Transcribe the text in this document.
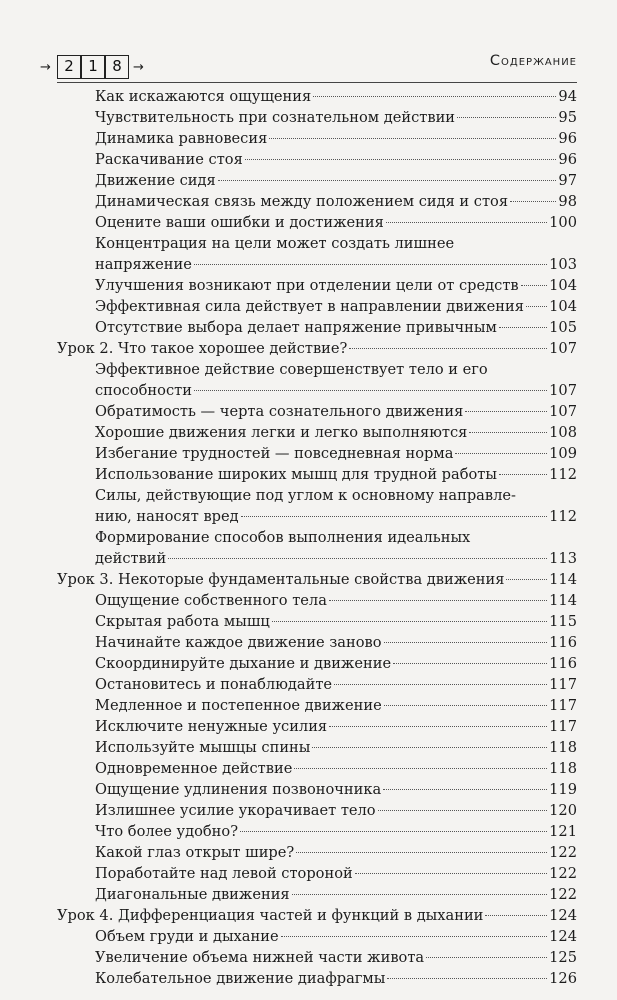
→ 2 1 8 →	Содержание
Как искажаются ощущения	94
Чувствительность при сознательном действии	95
Динамика равновесия	96
Раскачивание стоя	96
Движение сидя	97
Динамическая связь между положением сидя и стоя	98
Оцените ваши ошибки и достижения	100
Концентрация на цели может создать лишнее
напряжение	103
Улучшения возникают при отделении цели от средств 104
Эффективная сила действует в направлении движения 104
Отсутствие выбора делает напряжение привычным	105
Урок 2. Что такое хорошее действие?	107
Эффективное действие совершенствует тело и его
способности	107
Обратимость — черта сознательного движения	107
Хорошие движения легки и легко выполняются	108
Избегание трудностей — повседневная норма	109
Использование широких мышц для трудной работы	112
Силы, действующие под углом к основному направле-
нию, наносят вред	112
Формирование способов выполнения идеальных
действий	113
Урок 3. Некоторые фундаментальные свойства движения	114
Ощущение собственного тела	114
Скрытая работа мышц	115
Начинайте каждое движение заново	116
Скоординируйте дыхание и движение	116
Остановитесь и понаблюдайте	117
Медленное и постепенное движение	117
Исключите ненужные усилия	117
Используйте мышцы спины	118
Одновременное действие	118
Ощущение удлинения позвоночника	119
Излишнее усилие укорачивает тело	120
Что более удобно?	121
Какой глаз открыт шире?	122
Поработайте над левой стороной	122
Диагональные движения	122
Урок 4. Дифференциация частей и функций в дыхании	124
Объем груди и дыхание	124
Увеличение объема нижней части живота	125
Колебательное движение диафрагмы	126
